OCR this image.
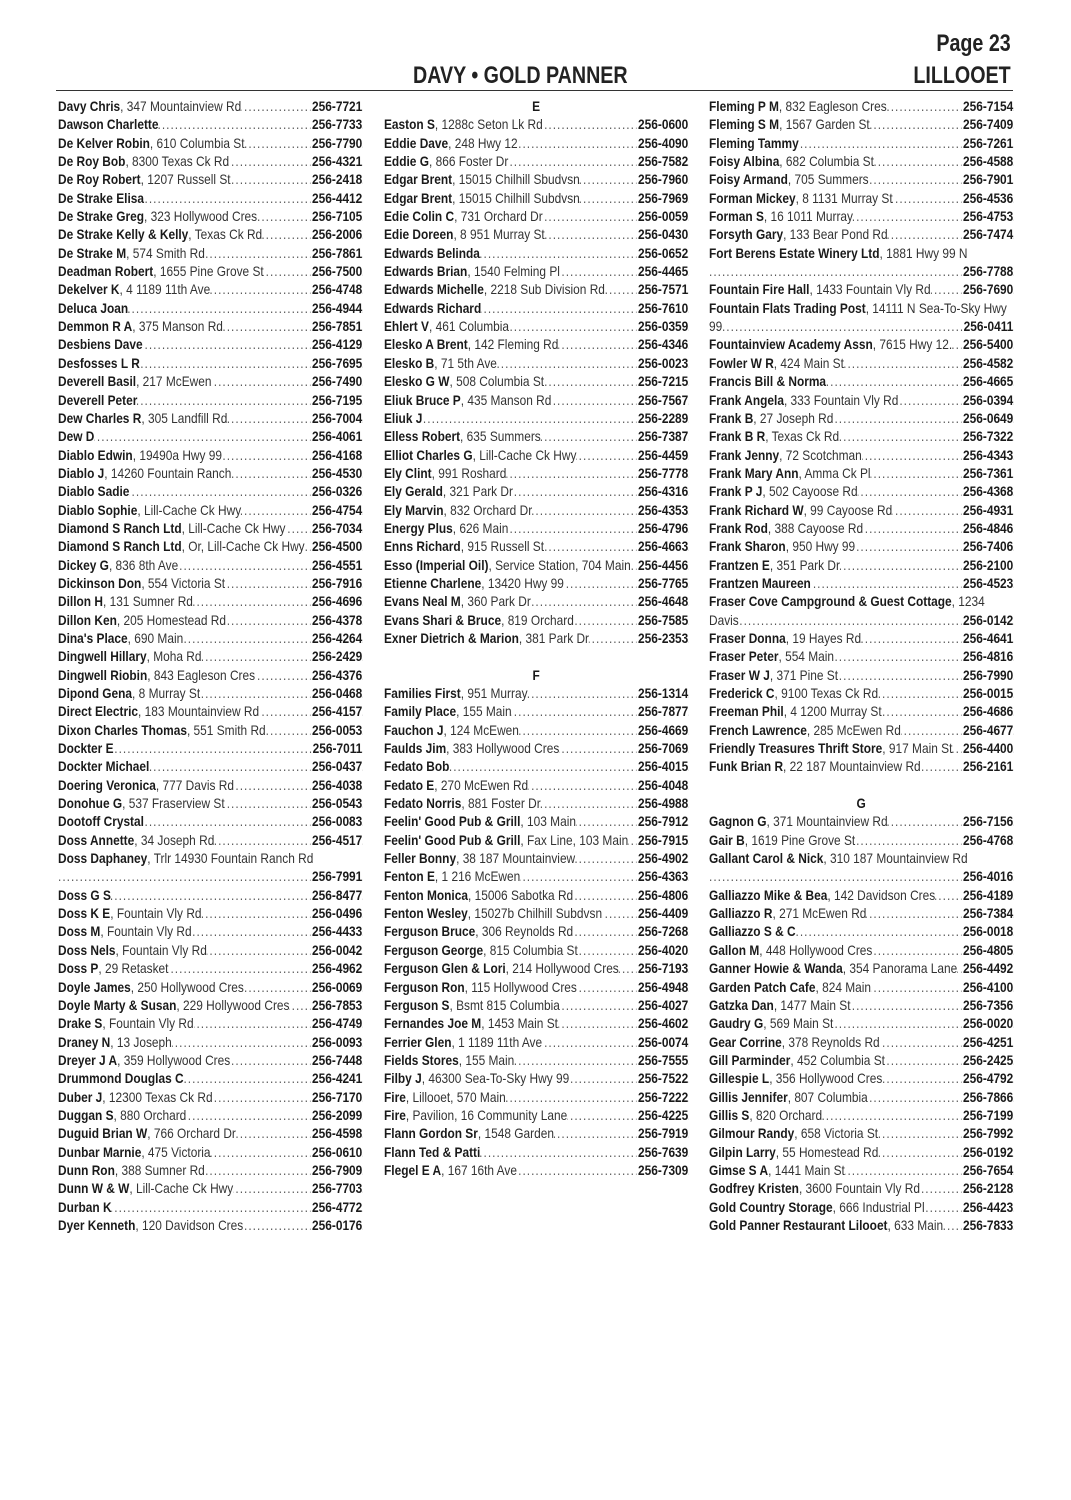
Page 23
DAVY • GOLD PANNER	LILLOOET
Davy Chris , 347 Mountainview Rd	256-7721
.....
Dawson Charlette	256-7733
.....
De Kelver Robin , 610 Columbia St	256-7790
.....
De Roy Bob , 8300 Texas Ck Rd	256-4321
.....
De Roy Robert , 1207 Russell St	256-2418
.....
De Strake Elisa	256-4412
.....
De Strake Greg , 323 Hollywood Cres	256-7105
.....
De Strake Kelly & Kelly , Texas Ck Rd	256-2006
.....
De Strake M , 574 Smith Rd	256-7861
.....
Deadman Robert , 1655 Pine Grove St	256-7500
.....
Dekelver K , 4 1189 11th Ave	256-4748
.....
Deluca Joan	256-4944
.....
Demmon R A , 375 Manson Rd	256-7851
.....
Desbiens Dave	256-4129
.....
Desfosses L R	256-7695
.....
Deverell Basil , 217 McEwen	256-7490
.....
Deverell Peter	256-7195
.....
Dew Charles R , 305 Landfill Rd	256-7004
.....
Dew D	256-4061
.....
Diablo Edwin , 19490a Hwy 99	256-4168
.....
Diablo J , 14260 Fountain Ranch	256-4530
.....
Diablo Sadie	256-0326
.....
Diablo Sophie , Lill-Cache Ck Hwy	256-4754
.....
Diamond S Ranch Ltd , Lill-Cache Ck Hwy 256-7034
.....
Diamond S Ranch Ltd , Or, Lill-Cache Ck Hwy 256-4500
.....
Dickey G , 836 8th Ave	256-4551
.....
Dickinson Don , 554 Victoria St	256-7916
.....
Dillon H , 131 Sumner Rd	256-4696
.....
Dillon Ken , 205 Homestead Rd	256-4378
.....
Dina's Place , 690 Main	256-4264
.....
Dingwell Hillary , Moha Rd	256-2429
.....
Dingwell Riobin , 843 Eagleson Cres	256-4376
.....
Dipond Gena , 8 Murray St	256-0468
.....
Direct Electric , 183 Mountainview Rd	256-4157
.....
Dixon Charles Thomas , 551 Smith Rd	256-0053
.....
Dockter E	256-7011
.....
Dockter Michael	256-0437
.....
Doering Veronica , 777 Davis Rd	256-4038
.....
Donohue G , 537 Fraserview St	256-0543
.....
Dootoff Crystal	256-0083
.....
Doss Annette , 34 Joseph Rd	256-4517
.....
Doss Daphaney , Trlr 14930 Fountain Ranch Rd
256-7991
.....
Doss G S	256-8477
.....
Doss K E , Fountain Vly Rd	256-0496
.....
Doss M , Fountain Vly Rd	256-4433
.....
Doss Nels , Fountain Vly Rd	256-0042
.....
Doss P , 29 Retasket	256-4962
.....
Doyle James , 250 Hollywood Cres	256-0069
.....
Doyle Marty & Susan , 229 Hollywood Cres 256-7853
.....
Drake S , Fountain Vly Rd	256-4749
.....
Draney N , 13 Joseph	256-0093
.....
Dreyer J A , 359 Hollywood Cres	256-7448
.....
Drummond Douglas C	256-4241
.....
Duber J , 12300 Texas Ck Rd	256-7170
.....
Duggan S , 880 Orchard	256-2099
.....
Duguid Brian W , 766 Orchard Dr	256-4598
.....
Dunbar Marnie , 475 Victoria	256-0610
.....
Dunn Ron , 388 Sumner Rd	256-7909
.....
Dunn W & W , Lill-Cache Ck Hwy	256-7703
.....
Durban K	256-4772
.....
Dyer Kenneth , 120 Davidson Cres	256-0176
.....
E
Easton S , 1288c Seton Lk Rd	256-0600
.....
Eddie Dave , 248 Hwy 12	256-4090
.....
Eddie G , 866 Foster Dr	256-7582
.....
Edgar Brent , 15015 Chilhill Sbudvsn	256-7960
.....
Edgar Brent , 15015 Chilhill Subdvsn	256-7969
.....
Edie Colin C , 731 Orchard Dr	256-0059
.....
Edie Doreen , 8 951 Murray St	256-0430
.....
Edwards Belinda	256-0652
.....
Edwards Brian , 1540 Felming Pl	256-4465
.....
Edwards Michelle , 2218 Sub Division Rd 256-7571
.....
Edwards Richard	256-7610
.....
Ehlert V , 461 Columbia	256-0359
.....
Elesko A Brent , 142 Fleming Rd	256-4346
.....
Elesko B , 71 5th Ave	256-0023
.....
Elesko G W , 508 Columbia St	256-7215
.....
Eliuk Bruce P , 435 Manson Rd	256-7567
.....
Eliuk J	256-2289
.....
Elless Robert , 635 Summers	256-7387
.....
Elliot Charles G , Lill-Cache Ck Hwy	256-4459
.....
Ely Clint , 991 Roshard	256-7778
.....
Ely Gerald , 321 Park Dr	256-4316
.....
Ely Marvin , 832 Orchard Dr	256-4353
.....
Energy Plus , 626 Main	256-4796
.....
Enns Richard , 915 Russell St	256-4663
.....
Esso (Imperial Oil) , Service Station, 704 Main 256-4456
.....
Etienne Charlene , 13420 Hwy 99	256-7765
.....
Evans Neal M , 360 Park Dr	256-4648
.....
Evans Shari & Bruce , 819 Orchard	256-7585
.....
Exner Dietrich & Marion , 381 Park Dr	256-2353
.....
F
Families First , 951 Murray	256-1314
.....
Family Place , 155 Main	256-7877
.....
Fauchon J , 124 McEwen	256-4669
.....
Faulds Jim , 383 Hollywood Cres	256-7069
.....
Fedato Bob	256-4015
.....
Fedato E , 270 McEwen Rd	256-4048
.....
Fedato Norris , 881 Foster Dr	256-4988
.....
Feelin' Good Pub & Grill , 103 Main	256-7912
.....
Feelin' Good Pub & Grill , Fax Line, 103 Main 256-7915
.....
Feller Bonny , 38 187 Mountainview	256-4902
.....
Fenton E , 1 216 McEwen	256-4363
.....
Fenton Monica , 15006 Sabotka Rd	256-4806
.....
Fenton Wesley , 15027b Chilhill Subdvsn	256-4409
.....
Ferguson Bruce , 306 Reynolds Rd	256-7268
.....
Ferguson George , 815 Columbia St	256-4020
.....
Ferguson Glen & Lori , 214 Hollywood Cres 256-7193
.....
Ferguson Ron , 115 Hollywood Cres	256-4948
.....
Ferguson S , Bsmt 815 Columbia	256-4027
.....
Fernandes Joe M , 1453 Main St	256-4602
.....
Ferrier Glen , 1 1189 11th Ave	256-0074
.....
Fields Stores , 155 Main	256-7555
.....
Filby J , 46300 Sea-To-Sky Hwy 99	256-7522
.....
Fire , Lillooet, 570 Main	256-7222
.....
Fire , Pavilion, 16 Community Lane	256-4225
.....
Flann Gordon Sr , 1548 Garden	256-7919
.....
Flann Ted & Patti	256-7639
.....
Flegel E A , 167 16th Ave	256-7309
.....
Fleming P M , 832 Eagleson Cres	256-7154
.....
Fleming S M , 1567 Garden St	256-7409
.....
Fleming Tammy	256-7261
.....
Foisy Albina , 682 Columbia St	256-4588
.....
Foisy Armand , 705 Summers	256-7901
.....
Forman Mickey , 8 1131 Murray St	256-4536
.....
Forman S , 16 1011 Murray	256-4753
.....
Forsyth Gary , 133 Bear Pond Rd	256-7474
.....
Fort Berens Estate Winery Ltd , 1881 Hwy 99 N
256-7788
.....
Fountain Fire Hall , 1433 Fountain Vly Rd 256-7690
.....
Fountain Flats Trading Post , 14111 N Sea-To-Sky Hwy 99	256-0411
.....
Fountainview Academy Assn , 7615 Hwy 12. 256-5400
.....
Fowler W R , 424 Main St	256-4582
.....
Francis Bill & Norma	256-4665
.....
Frank Angela , 333 Fountain Vly Rd	256-0394
.....
Frank B , 27 Joseph Rd	256-0649
.....
Frank B R , Texas Ck Rd	256-7322
.....
Frank Jenny , 72 Scotchman	256-4343
.....
Frank Mary Ann , Amma Ck Pl	256-7361
.....
Frank P J , 502 Cayoose Rd	256-4368
.....
Frank Richard W , 99 Cayoose Rd	256-4931
.....
Frank Rod , 388 Cayoose Rd	256-4846
.....
Frank Sharon , 950 Hwy 99	256-7406
.....
Frantzen E , 351 Park Dr	256-2100
.....
Frantzen Maureen	256-4523
.....
Fraser Cove Campground & Guest Cottage , 1234 Davis	256-0142
.....
Fraser Donna , 19 Hayes Rd	256-4641
.....
Fraser Peter , 554 Main	256-4816
.....
Fraser W J , 371 Pine St	256-7990
.....
Frederick C , 9100 Texas Ck Rd	256-0015
.....
Freeman Phil , 4 1200 Murray St	256-4686
.....
French Lawrence , 285 McEwen Rd	256-4677
.....
Friendly Treasures Thrift Store , 917 Main St 256-4400
.....
Funk Brian R , 22 187 Mountainview Rd	256-2161
.....
G
Gagnon G , 371 Mountainview Rd	256-7156
.....
Gair B , 1619 Pine Grove St	256-4768
.....
Gallant Carol & Nick , 310 187 Mountainview Rd
256-4016
.....
Galliazzo Mike & Bea , 142 Davidson Cres 256-4189
.....
Galliazzo R , 271 McEwen Rd	256-7384
.....
Galliazzo S & C	256-0018
.....
Gallon M , 448 Hollywood Cres	256-4805
.....
Ganner Howie & Wanda , 354 Panorama Lane 256-4492
.....
Garden Patch Cafe , 824 Main	256-4100
.....
Gatzka Dan , 1477 Main St	256-7356
.....
Gaudry G , 569 Main St	256-0020
.....
Gear Corrine , 378 Reynolds Rd	256-4251
.....
Gill Parminder , 452 Columbia St	256-2425
.....
Gillespie L , 356 Hollywood Cres	256-4792
.....
Gillis Jennifer , 807 Columbia	256-7866
.....
Gillis S , 820 Orchard	256-7199
.....
Gilmour Randy , 658 Victoria St	256-7992
.....
Gilpin Larry , 55 Homestead Rd	256-0192
.....
Gimse S A , 1441 Main St	256-7654
.....
Godfrey Kristen , 3600 Fountain Vly Rd	256-2128
.....
Gold Country Storage , 666 Industrial Pl	256-4423
.....
Gold Panner Restaurant Lilooet , 633 Main 256-7833
.....
